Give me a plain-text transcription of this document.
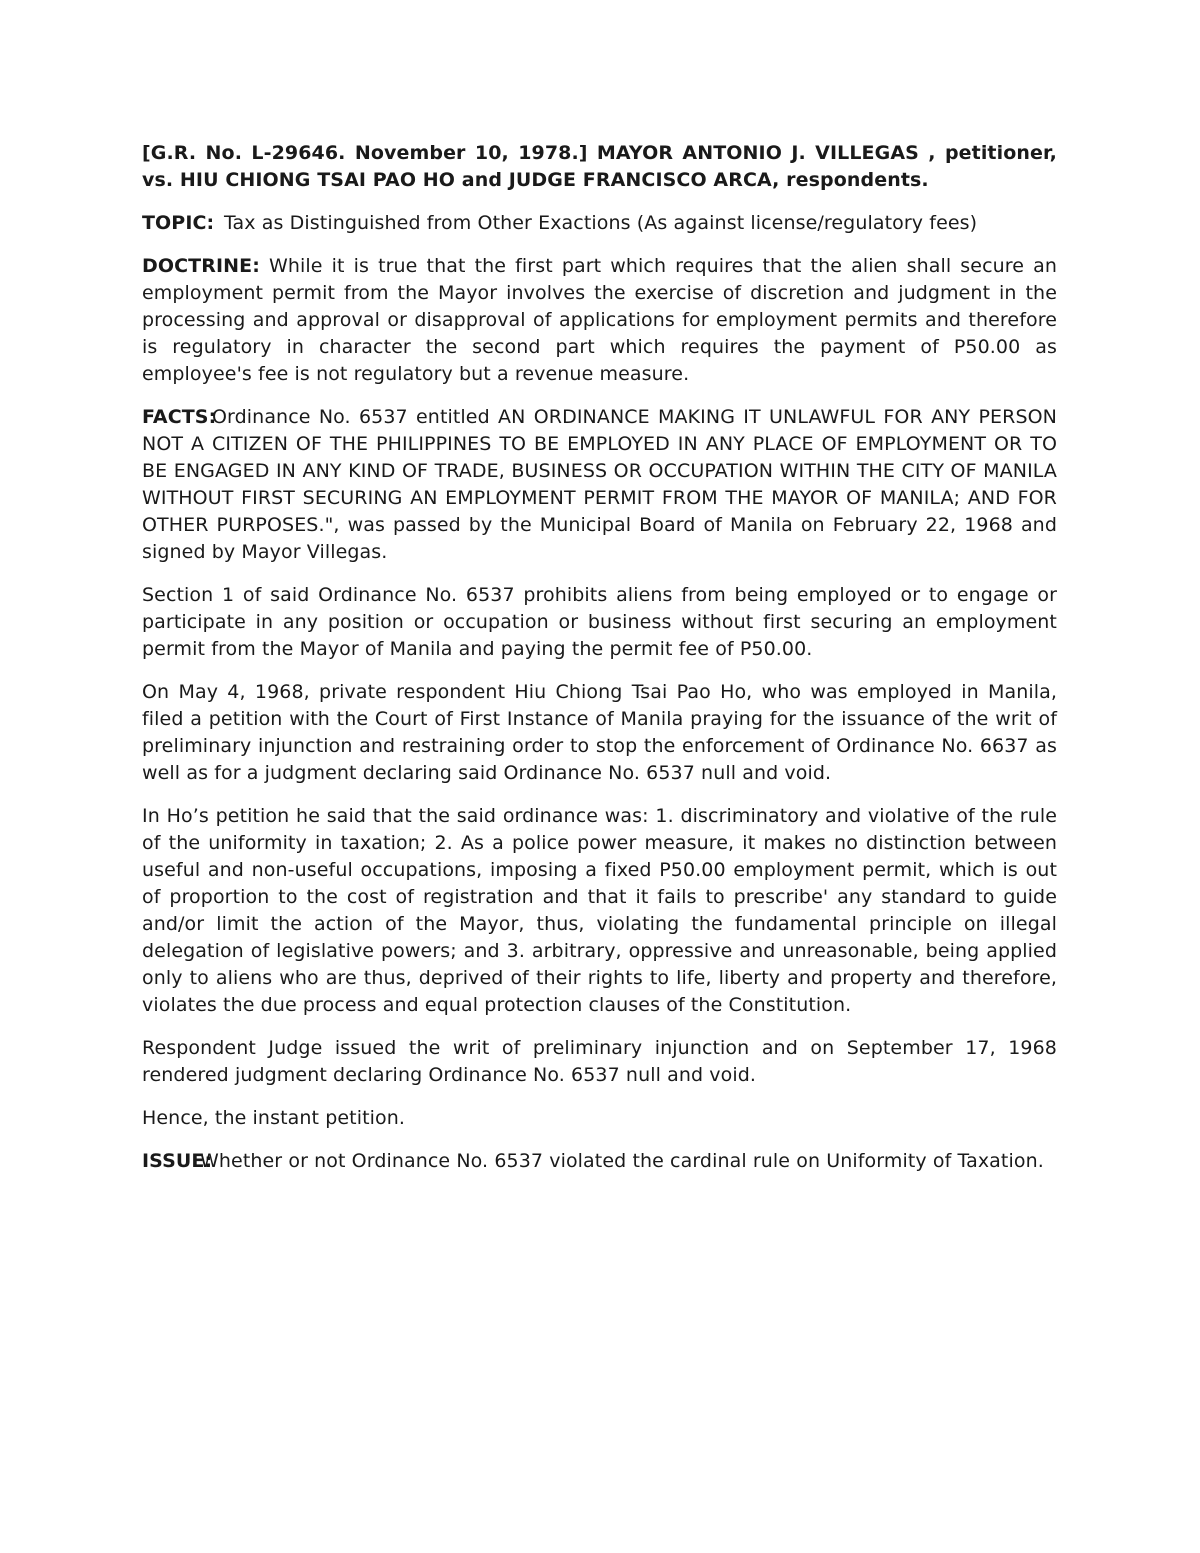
[G.R. No. L-29646. November 10, 1978.] MAYOR ANTONIO J. VILLEGAS , petitioner, vs. HIU CHIONG TSAI PAO HO and JUDGE FRANCISCO ARCA, respondents.

TOPIC: Tax as Distinguished from Other Exactions (As against license/regulatory fees)

DOCTRINE: While it is true that the first part which requires that the alien shall secure an employment permit from the Mayor involves the exercise of discretion and judgment in the processing and approval or disapproval of applications for employment permits and therefore is regulatory in character the second part which requires the payment of P50.00 as employee's fee is not regulatory but a revenue measure.

FACTS:Ordinance No. 6537 entitled AN ORDINANCE MAKING IT UNLAWFUL FOR ANY PERSON NOT A CITIZEN OF THE PHILIPPINES TO BE EMPLOYED IN ANY PLACE OF EMPLOYMENT OR TO BE ENGAGED IN ANY KIND OF TRADE, BUSINESS OR OCCUPATION WITHIN THE CITY OF MANILA WITHOUT FIRST SECURING AN EMPLOYMENT PERMIT FROM THE MAYOR OF MANILA; AND FOR OTHER PURPOSES.", was passed by the Municipal Board of Manila on February 22, 1968 and signed by Mayor Villegas.

Section 1 of said Ordinance No. 6537 prohibits aliens from being employed or to engage or participate in any position or occupation or business without first securing an employment permit from the Mayor of Manila and paying the permit fee of P50.00.

On May 4, 1968, private respondent Hiu Chiong Tsai Pao Ho, who was employed in Manila, filed a petition with the Court of First Instance of Manila praying for the issuance of the writ of preliminary injunction and restraining order to stop the enforcement of Ordinance No. 6637 as well as for a judgment declaring said Ordinance No. 6537 null and void.

In Ho’s petition he said that the said ordinance was: 1. discriminatory and violative of the rule of the uniformity in taxation; 2. As a police power measure, it makes no distinction between useful and non-useful occupations, imposing a fixed P50.00 employment permit, which is out of proportion to the cost of registration and that it fails to prescribe' any standard to guide and/or limit the action of the Mayor, thus, violating the fundamental principle on illegal delegation of legislative powers; and 3. arbitrary, oppressive and unreasonable, being applied only to aliens who are thus, deprived of their rights to life, liberty and property and therefore, violates the due process and equal protection clauses of the Constitution.

Respondent Judge issued the writ of preliminary injunction and on September 17, 1968 rendered judgment declaring Ordinance No. 6537 null and void.

Hence, the instant petition.

ISSUE:Whether or not Ordinance No. 6537 violated the cardinal rule on Uniformity of Taxation.
